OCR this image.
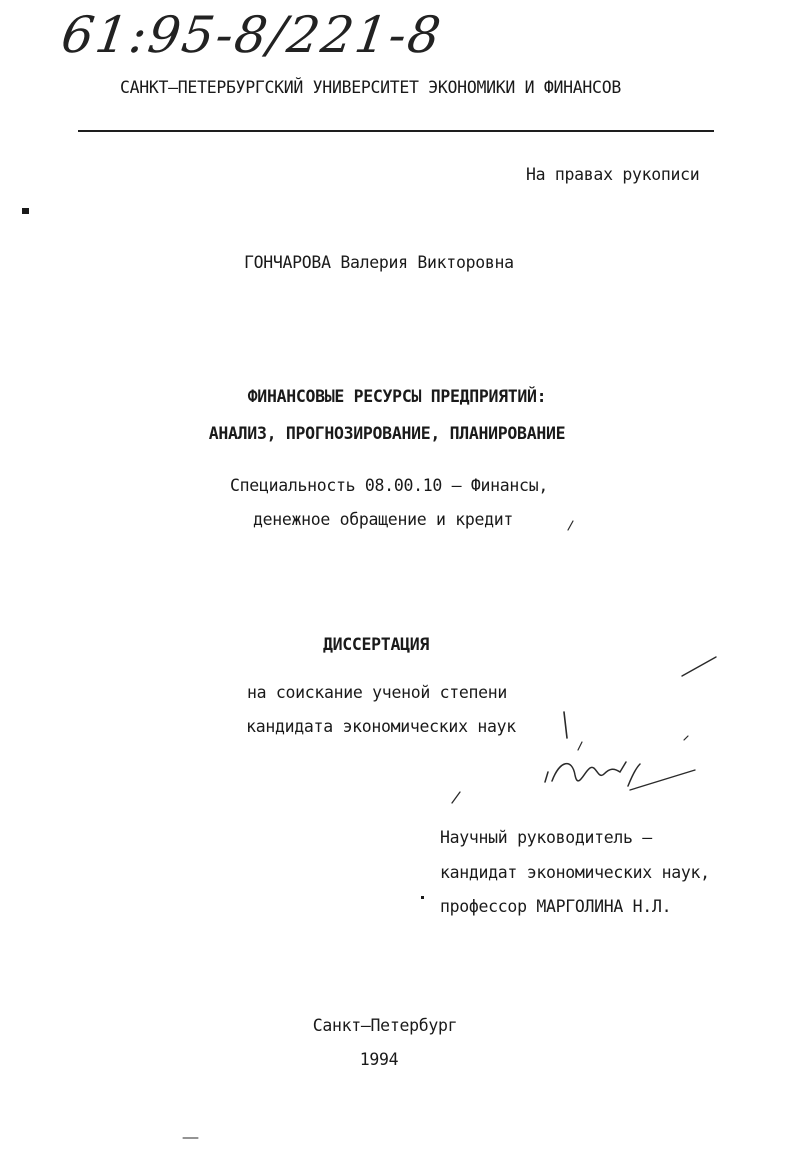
61:95-8/221-8
САНКТ–ПЕТЕРБУРГСКИЙ УНИВЕРСИТЕТ ЭКОНОМИКИ И ФИНАНСОВ
На правах рукописи
ГОНЧАРОВА Валерия Викторовна
ФИНАНСОВЫЕ РЕСУРСЫ ПРЕДПРИЯТИЙ:
АНАЛИЗ, ПРОГНОЗИРОВАНИЕ, ПЛАНИРОВАНИЕ
Специальность 08.00.10 – Финансы,
денежное обращение и кредит
ДИССЕРТАЦИЯ
на соискание ученой степени
кандидата экономических наук
Научный руководитель –
кандидат экономических наук,
профессор МАРГОЛИНА Н.Л.
Санкт–Петербург
1994
